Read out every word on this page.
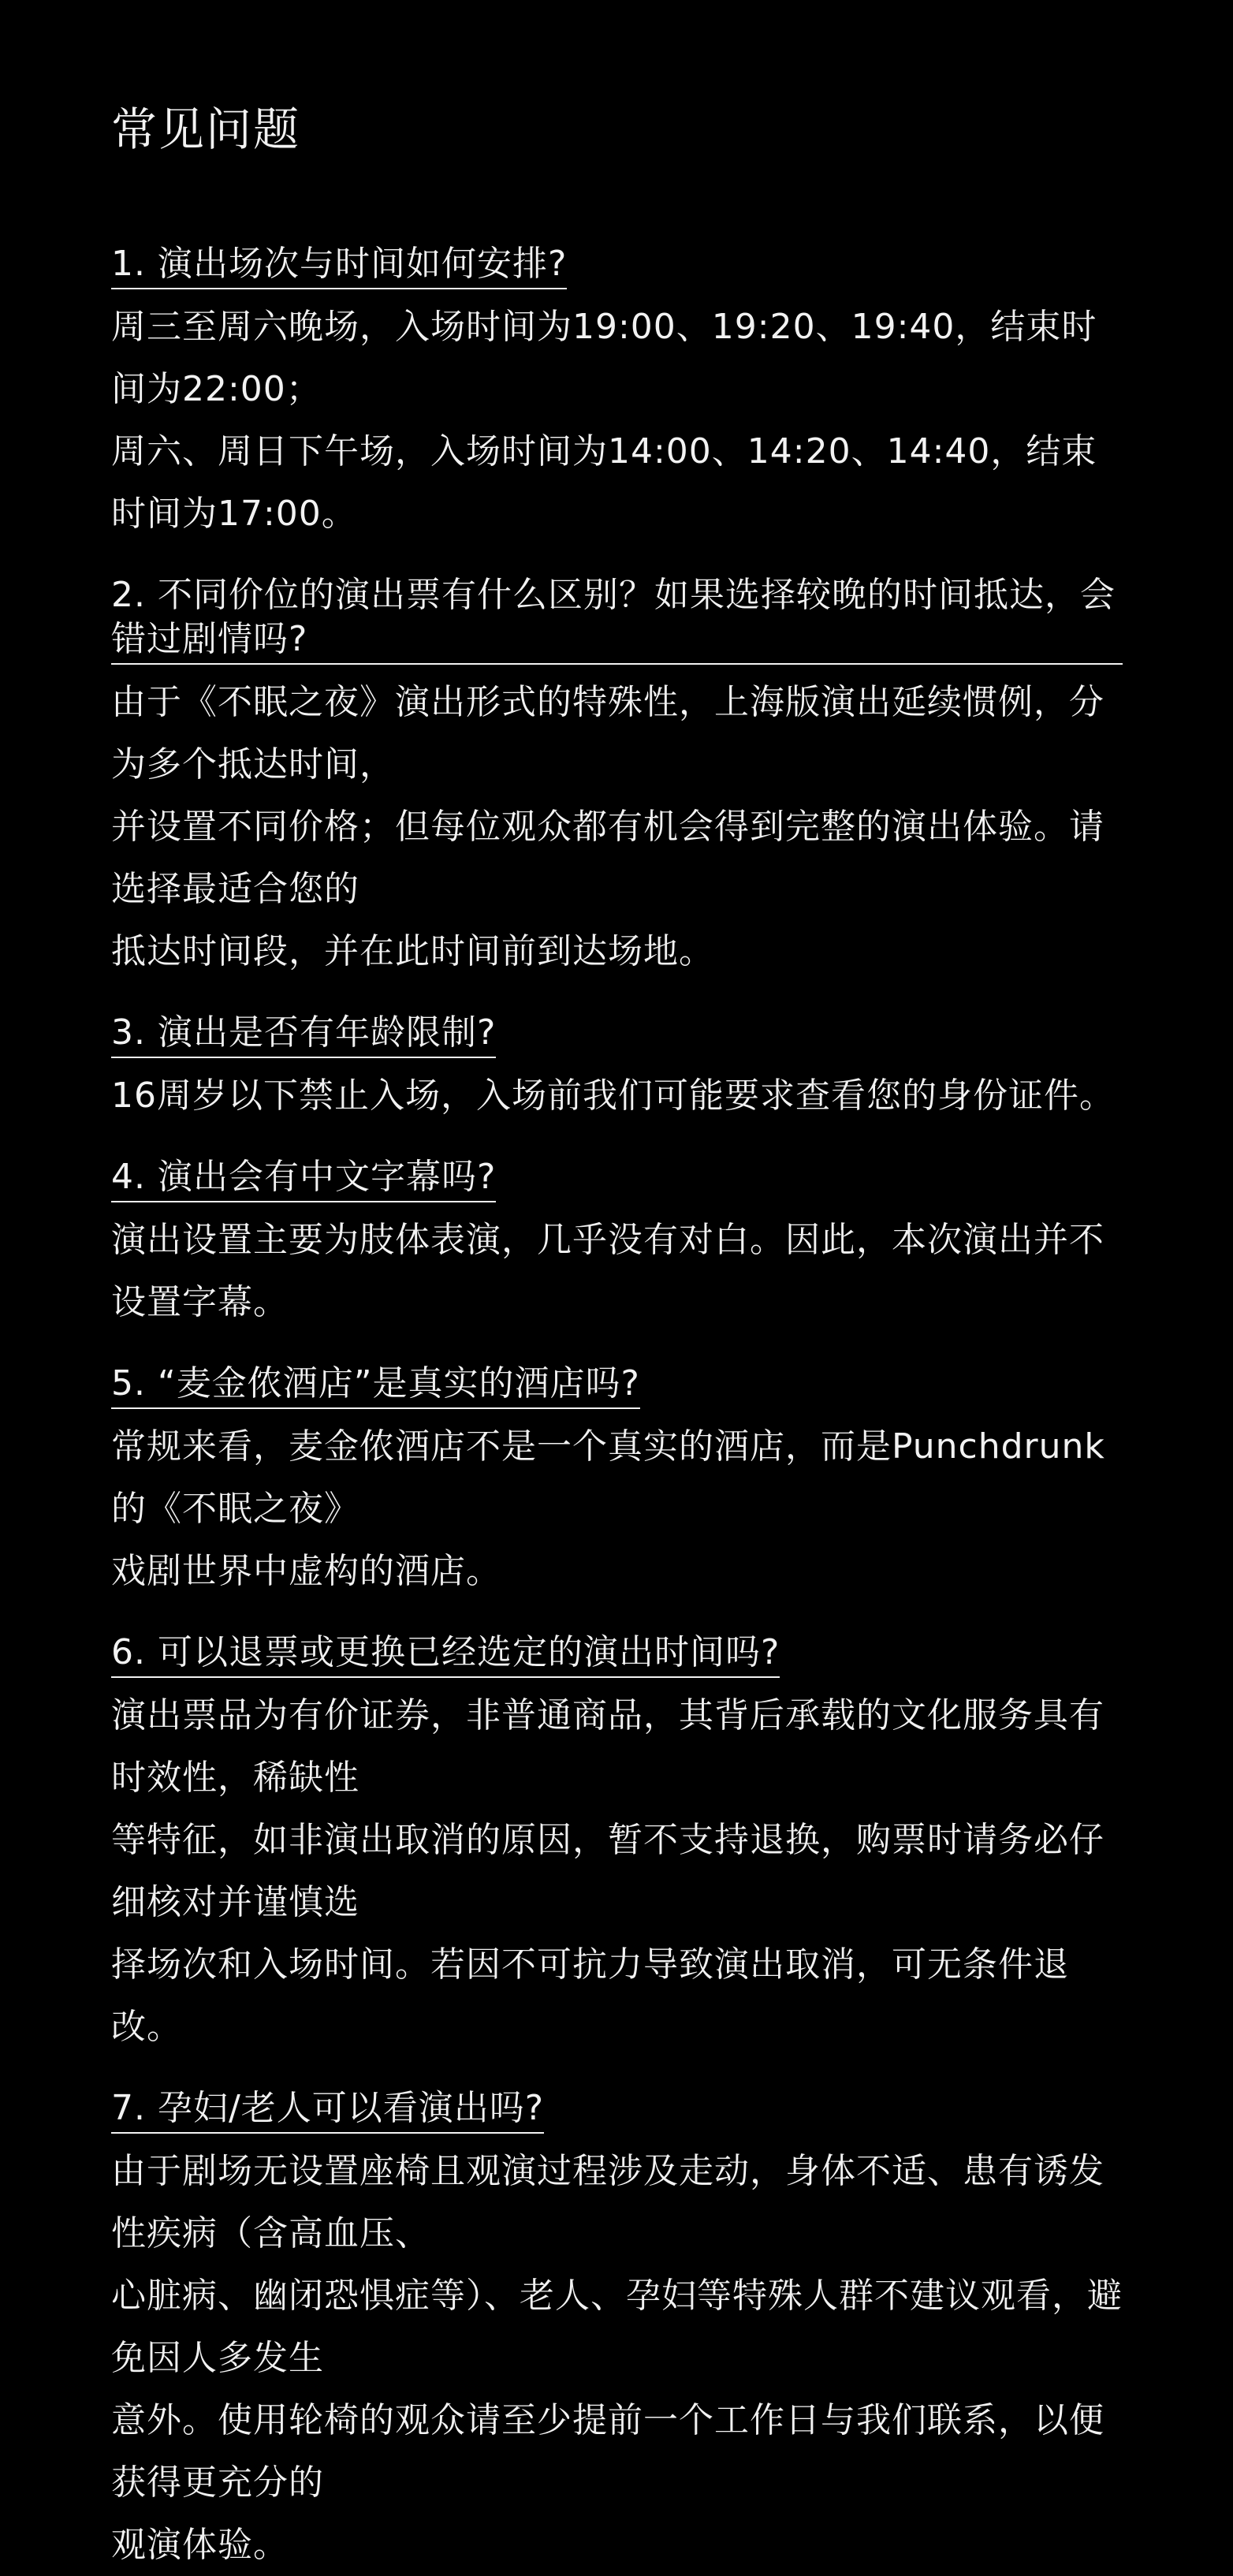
常见问题

1. 演出场次与时间如何安排?

周三至周六晚场，入场时间为19:00、19:20、19:40，结束时间为22:00；
周六、周日下午场，入场时间为14:00、14:20、14:40，结束时间为17:00。

2. 不同价位的演出票有什么区别？如果选择较晚的时间抵达，会错过剧情吗?

由于《不眠之夜》演出形式的特殊性，上海版演出延续惯例，分为多个抵达时间，
并设置不同价格；但每位观众都有机会得到完整的演出体验。请选择最适合您的
抵达时间段，并在此时间前到达场地。

3. 演出是否有年龄限制?

16周岁以下禁止入场，入场前我们可能要求查看您的身份证件。

4. 演出会有中文字幕吗?

演出设置主要为肢体表演，几乎没有对白。因此，本次演出并不设置字幕。

5. “麦金侬酒店”是真实的酒店吗?

常规来看，麦金侬酒店不是一个真实的酒店，而是Punchdrunk的《不眠之夜》
戏剧世界中虚构的酒店。

6. 可以退票或更换已经选定的演出时间吗?

演出票品为有价证券，非普通商品，其背后承载的文化服务具有时效性，稀缺性
等特征，如非演出取消的原因，暂不支持退换，购票时请务必仔细核对并谨慎选
择场次和入场时间。若因不可抗力导致演出取消，可无条件退改。

7. 孕妇/老人可以看演出吗?

由于剧场无设置座椅且观演过程涉及走动，身体不适、患有诱发性疾病（含高血压、
心脏病、幽闭恐惧症等）、老人、孕妇等特殊人群不建议观看，避免因人多发生
意外。使用轮椅的观众请至少提前一个工作日与我们联系，以便获得更充分的
观演体验。
